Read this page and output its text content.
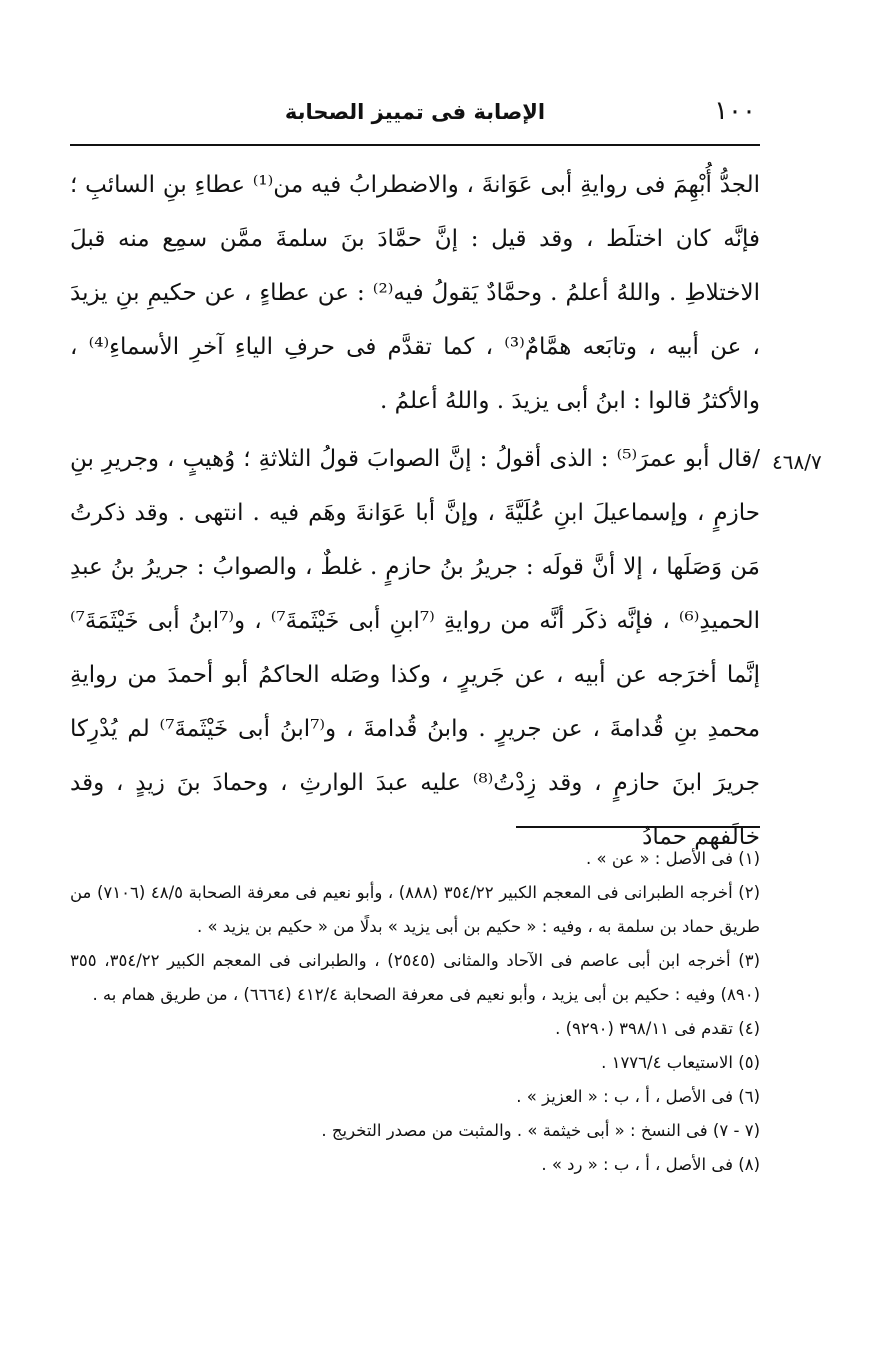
١٠٠
الإصابة فى تمييز الصحابة

الجدُّ أُبْهِمَ فى روايةِ أبى عَوَانةَ ، والاضطرابُ فيه من⁽¹⁾ عطاءِ بنِ السائبِ ؛ فإنَّه كان اختلَط ، وقد قيل : إنَّ حمَّادَ بنَ سلمةَ ممَّن سمِع منه قبلَ الاختلاطِ . واللهُ أعلمُ . وحمَّادٌ يَقولُ فيه⁽²⁾ : عن عطاءٍ ، عن حكيمِ بنِ يزيدَ ، عن أبيه ، وتابَعه همَّامٌ⁽³⁾ ، كما تقدَّم فى حرفِ الياءِ آخرِ الأسماءِ⁽⁴⁾ ، والأكثرُ قالوا : ابنُ أبى يزيدَ . واللهُ أعلمُ .

/قال أبو عمرَ⁽⁵⁾ : الذى أقولُ : إنَّ الصوابَ قولُ الثلاثةِ ؛ وُهيبٍ ، وجريرِ بنِ حازمٍ ، وإسماعيلَ ابنِ عُلَيَّةَ ، وإنَّ أبا عَوَانةَ وهَم فيه . انتهى . وقد ذكرتُ مَن وَصَلَها ، إلا أنَّ قولَه : جريرُ بنُ حازمٍ . غلطٌ ، والصوابُ : جريرُ بنُ عبدِ الحميدِ⁽⁶⁾ ، فإنَّه ذكَر أنَّه من روايةِ ⁽⁷ابنِ أبى خَيْثَمةَ⁷⁾ ، و⁽⁷ابنُ أبى خَيْثَمَةَ⁷⁾ إنَّما أخرَجه عن أبيه ، عن جَريرٍ ، وكذا وصَله الحاكمُ أبو أحمدَ من روايةِ محمدِ بنِ قُدامةَ ، عن جريرٍ . وابنُ قُدامةَ ، و⁽⁷ابنُ أبى خَيْثَمةَ⁷⁾ لم يُدْرِكا جريرَ ابنَ حازمٍ ، وقد زِدْتُ⁽⁸⁾ عليه عبدَ الوارثِ ، وحمادَ بنَ زيدٍ ، وقد خالَفهم حمادُ

٤٦٨/٧

(١) فى الأصل : « عن » .

(٢) أخرجه الطبرانى فى المعجم الكبير ٣٥٤/٢٢ (٨٨٨) ، وأبو نعيم فى معرفة الصحابة ٤٨/٥ (٧١٠٦) من طريق حماد بن سلمة به ، وفيه : « حكيم بن أبى يزيد » بدلًا من « حكيم بن يزيد » .

(٣) أخرجه ابن أبى عاصم فى الآحاد والمثانى (٢٥٤٥) ، والطبرانى فى المعجم الكبير ٣٥٤/٢٢، ٣٥٥ (٨٩٠) وفيه : حكيم بن أبى يزيد ، وأبو نعيم فى معرفة الصحابة ٤١٢/٤ (٦٦٦٤) ، من طريق همام به .

(٤) تقدم فى ٣٩٨/١١ (٩٢٩٠) .

(٥) الاستيعاب ١٧٧٦/٤ .

(٦) فى الأصل ، أ ، ب : « العزيز » .

(٧ - ٧) فى النسخ : « أبى خيثمة » . والمثبت من مصدر التخريج .

(٨) فى الأصل ، أ ، ب : « رد » .
